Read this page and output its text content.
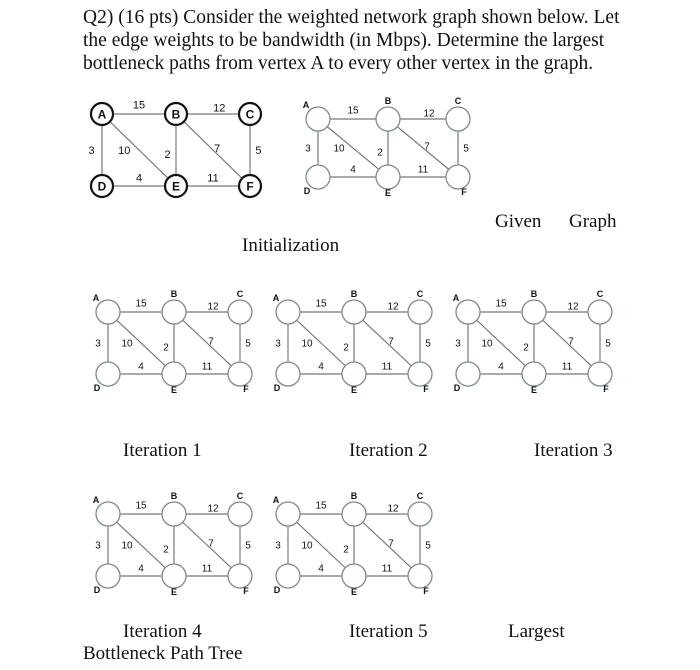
Q2) (16 pts) Consider the weighted network graph shown below. Let the edge weights to be bandwidth (in Mbps). Determine the largest bottleneck paths from vertex A to every other vertex in the graph.

A	B	C
D	E	F
15	12
3 10	2
7	5
4	11
A	B	C
D	E	F
15	12
3 10	2
7	5
4	11
A	B	C
D	E	F
15	12
3 10	2
7	5
4	11
A	B	C
D	E	F
15	12
3 10	2
7	5
4	11
A	B	C
D	E	F
15	12
3 10	2
7	5
4	11
A	B	C
D	E	F
15	12
3 10	2
7	5
4	11
A	B	C
D	E	F
15	12
3 10	2
7	5
4	11
Given Graph
Initialization
Iteration 1	Iteration 2	Iteration 3
Iteration 4
Bottleneck Path Tree
Iteration 5	Largest
